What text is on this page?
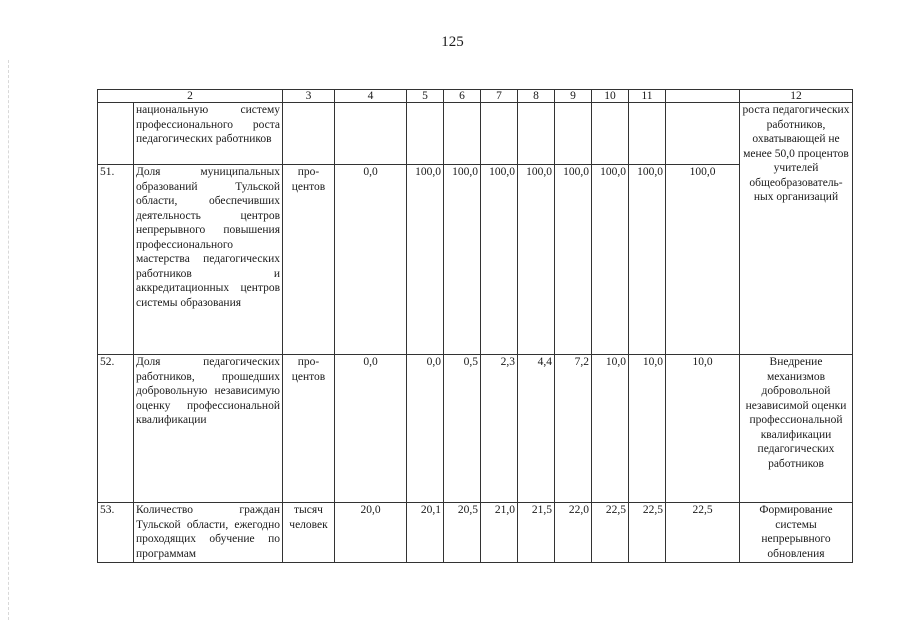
125
2		3	4	5	6	7	8	9	10	11		12
	национальную систему профессионального роста педагогических работников											роста педагогических работников, охватывающей не менее 50,0 процентов учителей общеобразователь-ных организаций
51.	Доля муниципальных образований Тульской области, обеспечивших деятельность центров непрерывного повышения профессионального мастерства педагогических работников и аккредитационных центров системы образования	про-центов	0,0	100,0	100,0	100,0	100,0	100,0	100,0	100,0	100,0	
52.	Доля педагогических работников, прошедших добровольную независимую оценку профессиональной квалификации	про-центов	0,0	0,0	0,5	2,3	4,4	7,2	10,0	10,0	10,0	Внедрение механизмов добровольной независимой оценки профессиональной квалификации педагогических работников
53.	Количество граждан Тульской области, ежегодно проходящих обучение по программам	тысяч человек	20,0	20,1	20,5	21,0	21,5	22,0	22,5	22,5	22,5	Формирование системы непрерывного обновления
